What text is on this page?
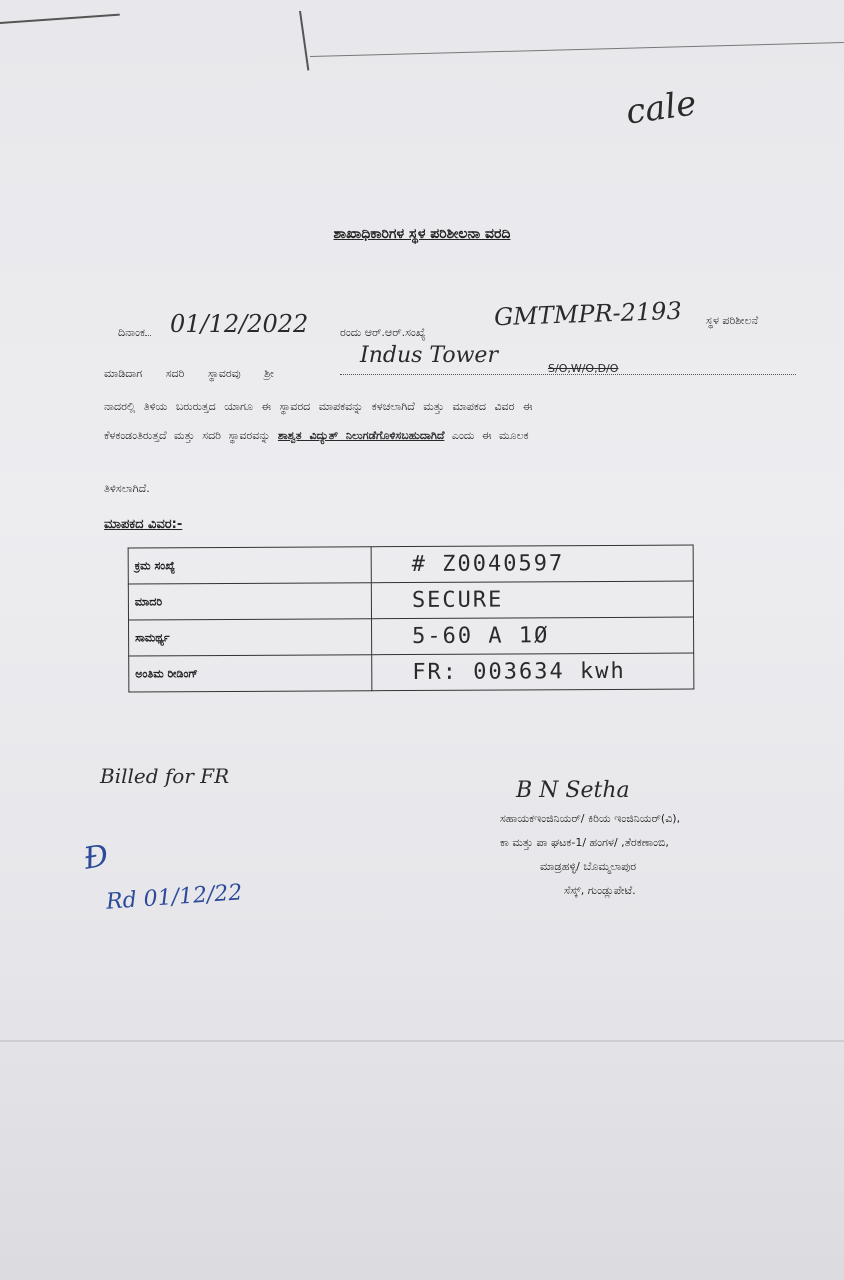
cale
ಶಾಖಾಧಿಕಾರಿಗಳ ಸ್ಥಳ ಪರಿಶೀಲನಾ ವರದಿ
ದಿನಾಂಕ 01/12/2022	ರಂದು ಆರ್.ಆರ್.ಸಂಖ್ಯೆ
GMTMPR-2193 ಸ್ಥಳ ಪರಿಶೀಲನೆ
ಮಾಡಿದಾಗ ಸದರಿ ಸ್ಥಾವರವು ಶ್ರೀ
Indus Tower
S/O,W/O,D/O
ನಾದರಲ್ಲಿ ತಿಳಿಯ ಬರುರುತ್ತದ ಯಾಗೂ ಈ ಸ್ಥಾವರದ ಮಾಪಕವನ್ನು ಕಳಚಲಾಗಿದೆ ಮತ್ತು ಮಾಪಕದ ವಿವರ ಈ
ಕೆಳಕಂಡಂತಿರುತ್ತದೆ ಮತ್ತು ಸದರಿ ಸ್ಥಾವರವನ್ನು ಶಾಶ್ವತ ವಿದ್ಯುತ್ ನಿಲುಗಡೆಗೊಳಿಸಬಹುದಾಗಿದೆ ಎಂದು ಈ ಮೂಲಕ
ತಿಳಿಸಲಾಗಿದೆ.
ಮಾಪಕದ ವಿವರ:-
ಕ್ರಮ ಸಂಖ್ಯೆ	# Z0040597
ಮಾದರಿ	SECURE
ಸಾಮರ್ಥ್ಯ	5-60 A 1Ø
ಅಂತಿಮ ರೀಡಿಂಗ್	FR: 003634 kwh
Billed for FR
Ð
Rd 01/12/22
B N Setha
ಸಹಾಯಕಇಂಜಿನಿಯರ್/ ಕಿರಿಯ ಇಂಜಿನಿಯರ್(ವಿ),
ಕಾ ಮತ್ತು ಪಾ ಘಟಕ-1/ ಹಂಗಳ/ ,ತೆರಕಣಾಂಬಿ,
ಮಾಡ್ರಹಳ್ಳಿ/ ಬೊಮ್ಮಲಾಪುರ
ಸೆಸ್ಕ್, ಗುಂಡ್ಲುಪೇಟೆ.
